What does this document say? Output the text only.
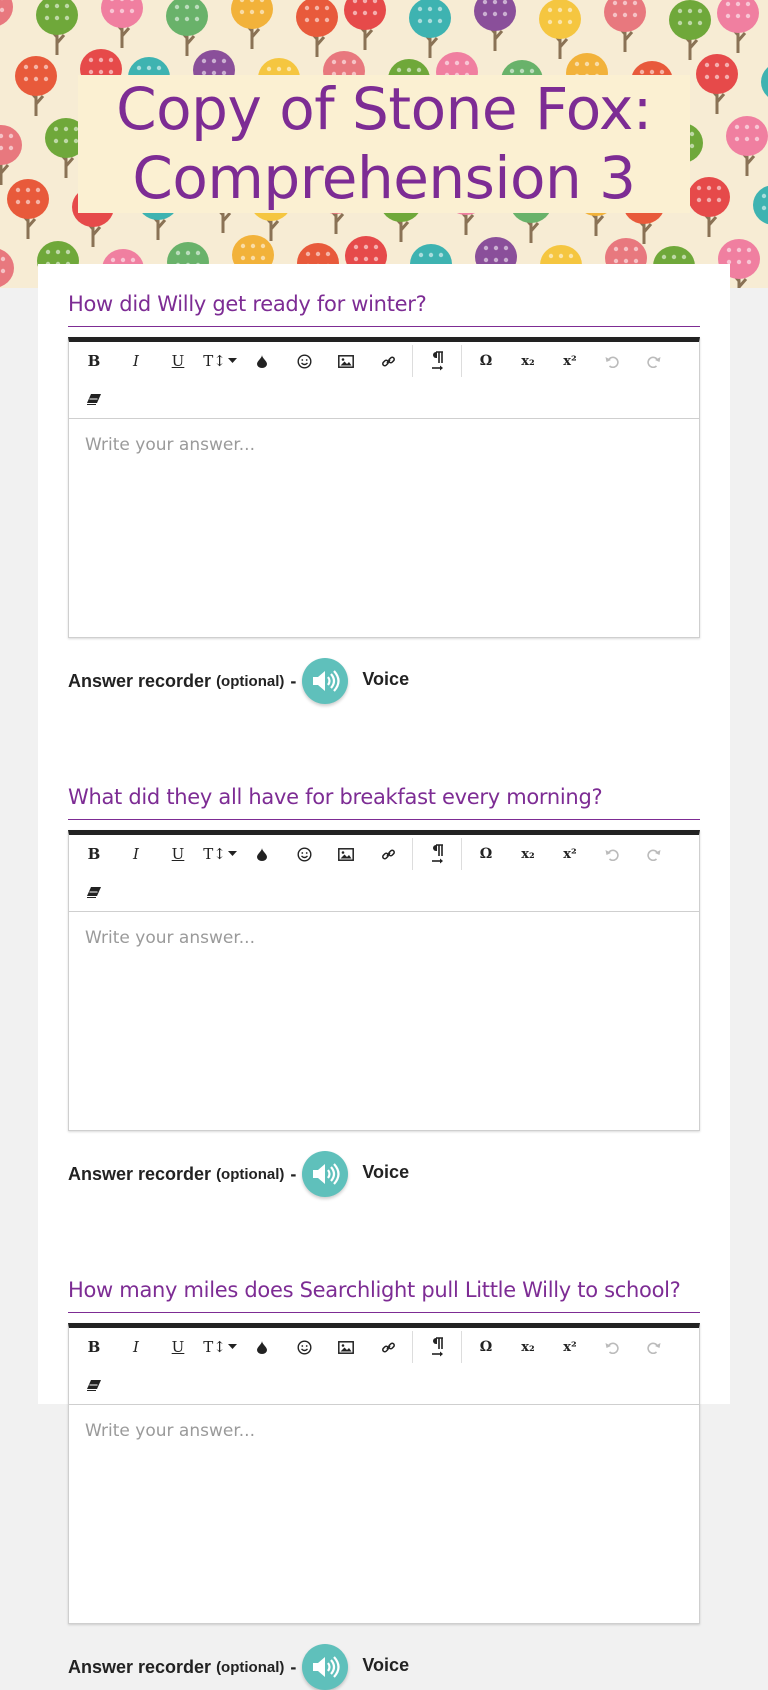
Copy of Stone Fox:
Comprehension 3
How did Willy get ready for winter?
B	I	U	T↕	Ω	x₂	x²
Write your answer...
Answer recorder (optional) -	Voice
What did they all have for breakfast every morning?
B	I	U	T↕	Ω	x₂	x²
Write your answer...
Answer recorder (optional) -	Voice
How many miles does Searchlight pull Little Willy to school?
B	I	U	T↕	Ω	x₂	x²
Write your answer...
Answer recorder (optional) -	Voice
